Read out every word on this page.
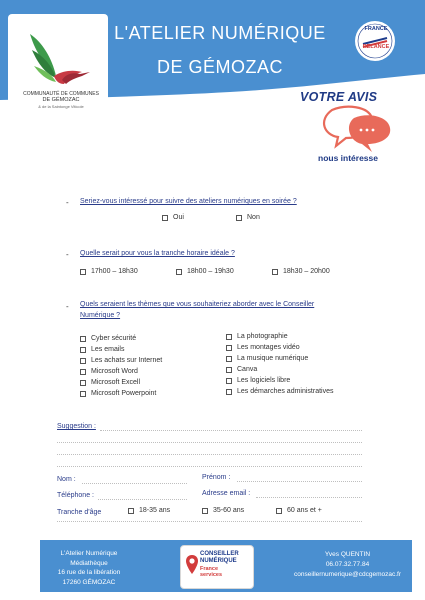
COMMUNAUTÉ DE COMMUNES
DE GÉMOZAC
& de la Saintonge Viticole
L'ATELIER NUMÉRIQUE
DE GÉMOZAC
FRANCE
RELANCE
VOTRE AVIS
nous intéresse
- Seriez-vous intéressé pour suivre des ateliers numériques en soirée ?
Oui	Non
- Quelle serait pour vous la tranche horaire idéale ?
17h00 – 18h30	18h00 – 19h30	18h30 – 20h00
- Quels seraient les thèmes que vous souhaiteriez aborder avec le Conseiller
Numérique ?
Cyber sécurité
Les emails
Les achats sur Internet
Microsoft Word
Microsoft Excell
Microsoft Powerpoint
La photographie
Les montages vidéo
La musique numérique
Canva
Les logiciels libre
Les démarches administratives
Suggestion :
Nom :	Prénom :
Téléphone :	Adresse email :
Tranche d'âge	18-35 ans	35-60 ans	60 ans et +
L'Atelier Numérique
Médiathèque
16 rue de la libération
17260 GÉMOZAC
CONSEILLER
NUMÉRIQUE
France
services
Yves QUENTIN
06.07.32.77.84
conseillernumerique@cdcgemozac.fr
